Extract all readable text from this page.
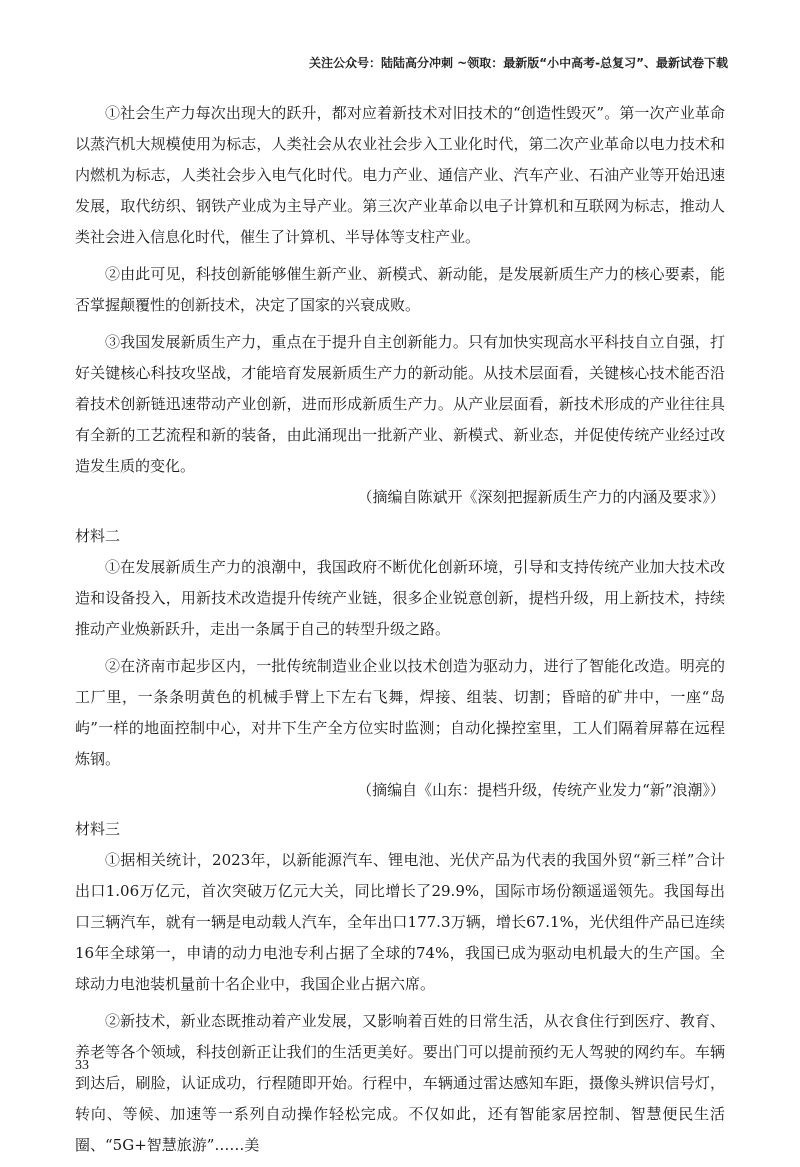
关注公众号：陆陆高分冲刺 ~领取：最新版“小中高考-总复习”、最新试卷下载

①社会生产力每次出现大的跃升，都对应着新技术对旧技术的“创造性毁灭”。第一次产业革命以蒸汽机大规模使用为标志，人类社会从农业社会步入工业化时代，第二次产业革命以电力技术和内燃机为标志，人类社会步入电气化时代。电力产业、通信产业、汽车产业、石油产业等开始迅速发展，取代纺织、钢铁产业成为主导产业。第三次产业革命以电子计算机和互联网为标志，推动人类社会进入信息化时代，催生了计算机、半导体等支柱产业。

②由此可见，科技创新能够催生新产业、新模式、新动能，是发展新质生产力的核心要素，能否掌握颠覆性的创新技术，决定了国家的兴衰成败。

③我国发展新质生产力，重点在于提升自主创新能力。只有加快实现高水平科技自立自强，打好关键核心科技攻坚战，才能培育发展新质生产力的新动能。从技术层面看，关键核心技术能否沿着技术创新链迅速带动产业创新，进而形成新质生产力。从产业层面看，新技术形成的产业往往具有全新的工艺流程和新的装备，由此涌现出一批新产业、新模式、新业态，并促使传统产业经过改造发生质的变化。

（摘编自陈斌开《深刻把握新质生产力的内涵及要求》）

材料二

①在发展新质生产力的浪潮中，我国政府不断优化创新环境，引导和支持传统产业加大技术改造和设备投入，用新技术改造提升传统产业链，很多企业锐意创新，提档升级，用上新技术，持续推动产业焕新跃升，走出一条属于自己的转型升级之路。

②在济南市起步区内，一批传统制造业企业以技术创造为驱动力，进行了智能化改造。明亮的工厂里，一条条明黄色的机械手臂上下左右飞舞，焊接、组装、切割；昏暗的矿井中，一座“岛屿”一样的地面控制中心，对井下生产全方位实时监测；自动化操控室里，工人们隔着屏幕在远程炼钢。

（摘编自《山东：提档升级，传统产业发力“新”浪潮》）

材料三

①据相关统计，2023年，以新能源汽车、锂电池、光伏产品为代表的我国外贸“新三样”合计出口1.06万亿元，首次突破万亿元大关，同比增长了29.9%，国际市场份额遥遥领先。我国每出口三辆汽车，就有一辆是电动载人汽车，全年出口177.3万辆，增长67.1%，光伏组件产品已连续16年全球第一，申请的动力电池专利占据了全球的74%，我国已成为驱动电机最大的生产国。全球动力电池装机量前十名企业中，我国企业占据六席。

②新技术，新业态既推动着产业发展，又影响着百姓的日常生活，从衣食住行到医疗、教育、养老等各个领域，科技创新正让我们的生活更美好。要出门可以提前预约无人驾驶的网约车。车辆到达后，刷脸，认证成功，行程随即开始。行程中，车辆通过雷达感知车距，摄像头辨识信号灯，转向、等候、加速等一系列自动操作轻松完成。不仅如此，还有智能家居控制、智慧便民生活圈、“5G+智慧旅游”……美

33
